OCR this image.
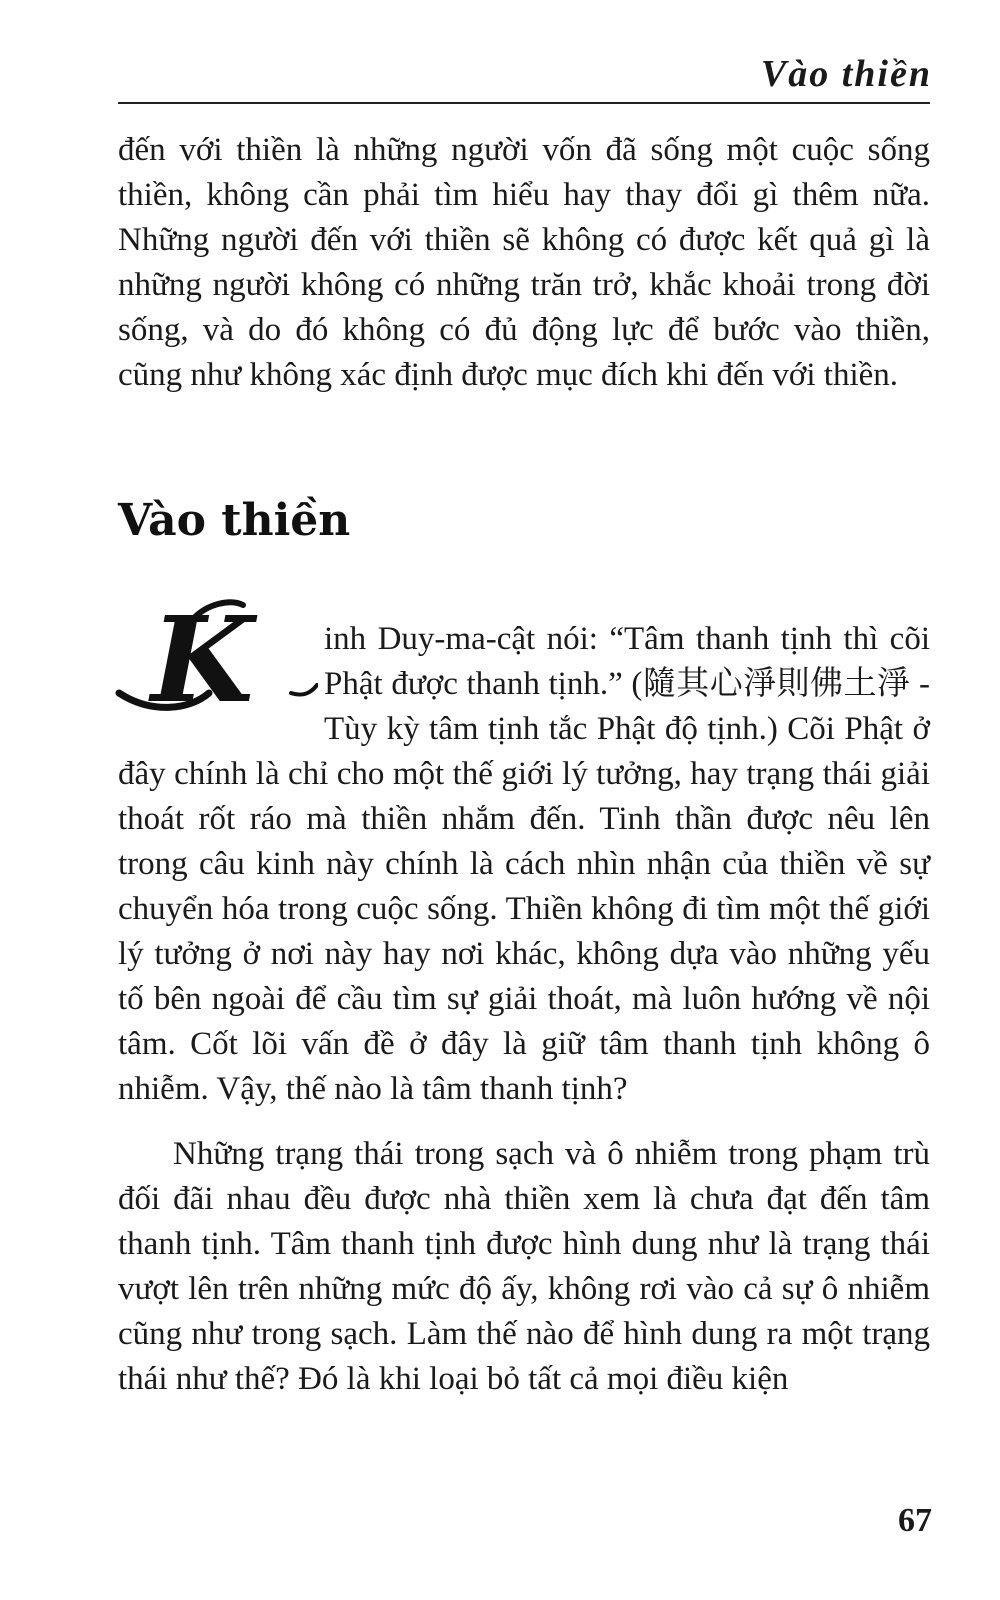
Vào thiền

đến với thiền là những người vốn đã sống một cuộc sống thiền, không cần phải tìm hiểu hay thay đổi gì thêm nữa. Những người đến với thiền sẽ không có được kết quả gì là những người không có những trăn trở, khắc khoải trong đời sống, và do đó không có đủ động lực để bước vào thiền, cũng như không xác định được mục đích khi đến với thiền.

Vào thiền
K	inh Duy-ma-cật nói: “Tâm thanh tịnh thì cõi Phật được thanh tịnh.” (隨其心淨則佛土淨 - Tùy kỳ tâm tịnh tắc Phật độ tịnh.) Cõi Phật ở đây chính là chỉ cho một thế giới lý tưởng, hay trạng thái giải thoát rốt ráo mà thiền nhắm đến. Tinh thần được nêu lên trong câu kinh này chính là cách nhìn nhận của thiền về sự chuyển hóa trong cuộc sống. Thiền không đi tìm một thế giới lý tưởng ở nơi này hay nơi khác, không dựa vào những yếu tố bên ngoài để cầu tìm sự giải thoát, mà luôn hướng về nội tâm. Cốt lõi vấn đề ở đây là giữ tâm thanh tịnh không ô nhiễm. Vậy, thế nào là tâm thanh tịnh?

Những trạng thái trong sạch và ô nhiễm trong phạm trù đối đãi nhau đều được nhà thiền xem là chưa đạt đến tâm thanh tịnh. Tâm thanh tịnh được hình dung như là trạng thái vượt lên trên những mức độ ấy, không rơi vào cả sự ô nhiễm cũng như trong sạch. Làm thế nào để hình dung ra một trạng thái như thế? Đó là khi loại bỏ tất cả mọi điều kiện

67
